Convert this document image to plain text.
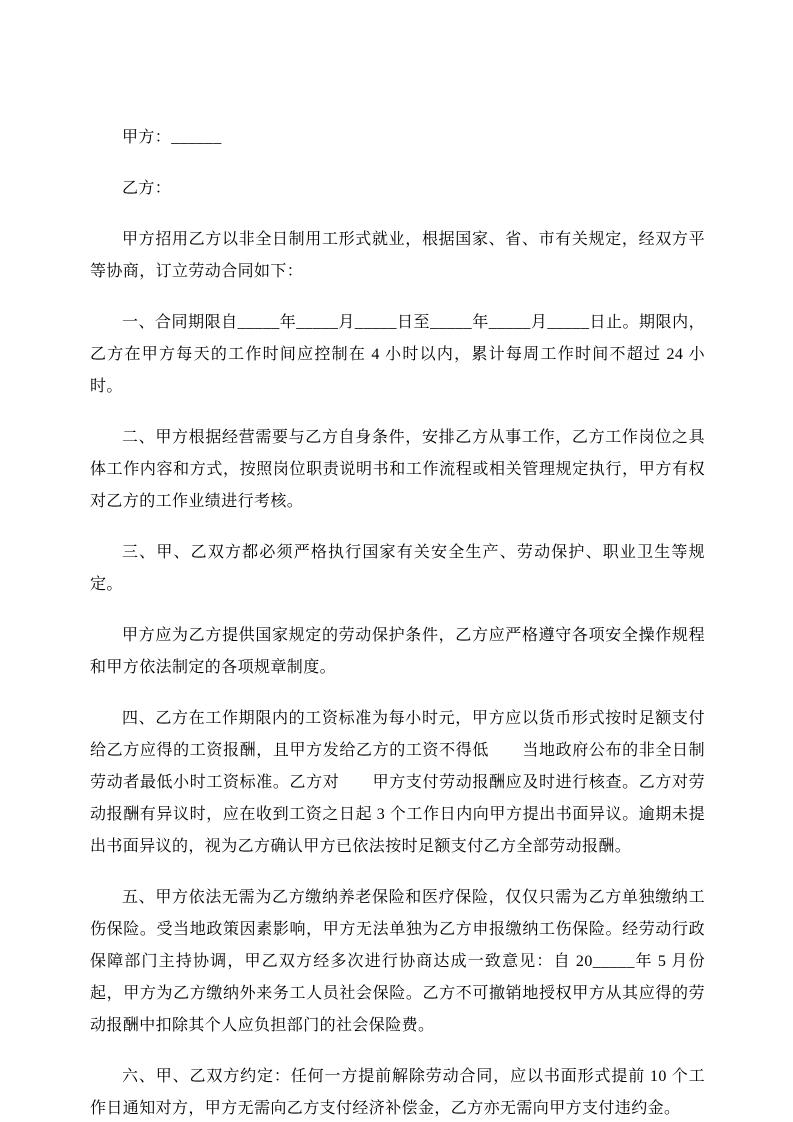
甲方：______

乙方：

甲方招用乙方以非全日制用工形式就业，根据国家、省、市有关规定，经双方平等协商，订立劳动合同如下：

一、合同期限自_____年_____月_____日至_____年_____月_____日止。期限内，乙方在甲方每天的工作时间应控制在 4 小时以内，累计每周工作时间不超过 24 小时。

二、甲方根据经营需要与乙方自身条件，安排乙方从事工作，乙方工作岗位之具体工作内容和方式，按照岗位职责说明书和工作流程或相关管理规定执行，甲方有权对乙方的工作业绩进行考核。

三、甲、乙双方都必须严格执行国家有关安全生产、劳动保护、职业卫生等规定。

甲方应为乙方提供国家规定的劳动保护条件，乙方应严格遵守各项安全操作规程和甲方依法制定的各项规章制度。

四、乙方在工作期限内的工资标准为每小时元，甲方应以货币形式按时足额支付给乙方应得的工资报酬，且甲方发给乙方的工资不得低　　当地政府公布的非全日制劳动者最低小时工资标准。乙方对　　甲方支付劳动报酬应及时进行核查。乙方对劳动报酬有异议时，应在收到工资之日起 3 个工作日内向甲方提出书面异议。逾期未提出书面异议的，视为乙方确认甲方已依法按时足额支付乙方全部劳动报酬。

五、甲方依法无需为乙方缴纳养老保险和医疗保险，仅仅只需为乙方单独缴纳工伤保险。受当地政策因素影响，甲方无法单独为乙方申报缴纳工伤保险。经劳动行政保障部门主持协调，甲乙双方经多次进行协商达成一致意见：自 20_____年 5 月份起，甲方为乙方缴纳外来务工人员社会保险。乙方不可撤销地授权甲方从其应得的劳动报酬中扣除其个人应负担部门的社会保险费。

六、甲、乙双方约定：任何一方提前解除劳动合同，应以书面形式提前 10 个工作日通知对方，甲方无需向乙方支付经济补偿金，乙方亦无需向甲方支付违约金。
